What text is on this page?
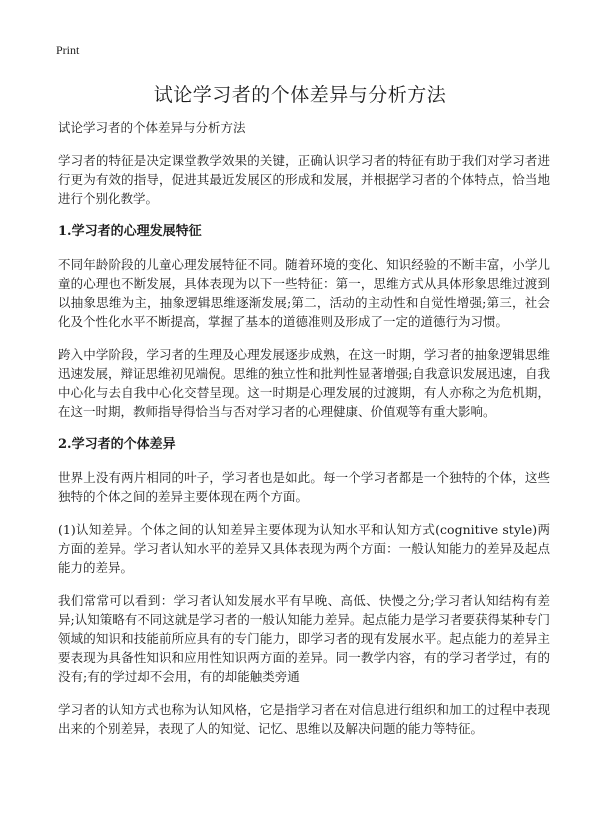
Print
试论学习者的个体差异与分析方法

试论学习者的个体差异与分析方法

学习者的特征是决定课堂教学效果的关键，正确认识学习者的特征有助于我们对学习者进行更为有效的指导，促进其最近发展区的形成和发展，并根据学习者的个体特点，恰当地进行个别化教学。

1.学习者的心理发展特征

不同年龄阶段的儿童心理发展特征不同。随着环境的变化、知识经验的不断丰富，小学儿童的心理也不断发展，具体表现为以下一些特征：第一，思维方式从具体形象思维过渡到以抽象思维为主，抽象逻辑思维逐渐发展;第二，活动的主动性和自觉性增强;第三，社会化及个性化水平不断提高，掌握了基本的道德准则及形成了一定的道德行为习惯。

跨入中学阶段，学习者的生理及心理发展逐步成熟，在这一时期，学习者的抽象逻辑思维迅速发展，辩证思维初见端倪。思维的独立性和批判性显著增强;自我意识发展迅速，自我中心化与去自我中心化交替呈现。这一时期是心理发展的过渡期，有人亦称之为危机期，在这一时期，教师指导得恰当与否对学习者的心理健康、价值观等有重大影响。

2.学习者的个体差异

世界上没有两片相同的叶子，学习者也是如此。每一个学习者都是一个独特的个体，这些独特的个体之间的差异主要体现在两个方面。

(1)认知差异。个体之间的认知差异主要体现为认知水平和认知方式(cognitive style)两方面的差异。学习者认知水平的差异又具体表现为两个方面：一般认知能力的差异及起点能力的差异。

我们常常可以看到：学习者认知发展水平有早晚、高低、快慢之分;学习者认知结构有差异;认知策略有不同这就是学习者的一般认知能力差异。起点能力是学习者要获得某种专门领域的知识和技能前所应具有的专门能力，即学习者的现有发展水平。起点能力的差异主要表现为具备性知识和应用性知识两方面的差异。同一教学内容，有的学习者学过，有的没有;有的学过却不会用，有的却能触类旁通

学习者的认知方式也称为认知风格，它是指学习者在对信息进行组织和加工的过程中表现出来的个别差异，表现了人的知觉、记忆、思维以及解决问题的能力等特征。
